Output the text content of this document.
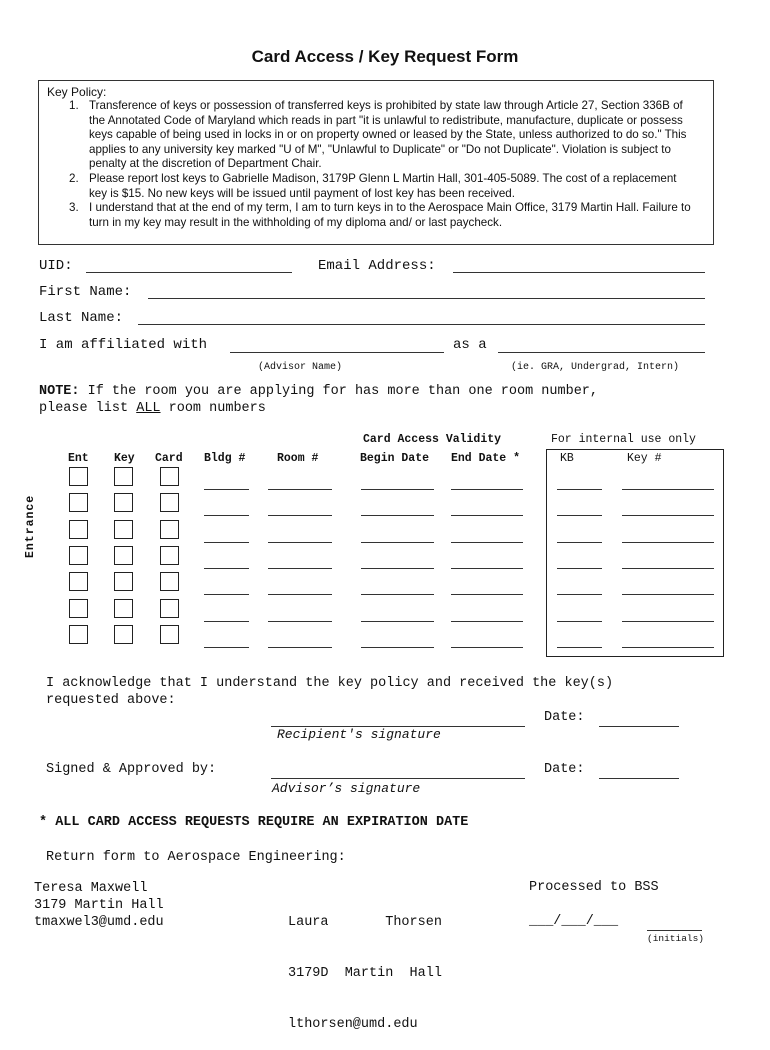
Card Access / Key Request Form
Key Policy:
1. Transference of keys or possession of transferred keys is prohibited by state law through Article 27, Section 336B of the Annotated Code of Maryland which reads in part "it is unlawful to redistribute, manufacture, duplicate or possess keys capable of being used in locks in or on property owned or leased by the State, unless authorized to do so." This applies to any university key marked "U of M", "Unlawful to Duplicate" or "Do not Duplicate". Violation is subject to penalty at the discretion of Department Chair.
2. Please report lost keys to Gabrielle Madison, 3179P Glenn L Martin Hall, 301-405-5089. The cost of a replacement key is $15. No new keys will be issued until payment of lost key has been received.
3. I understand that at the end of my term, I am to turn keys in to the Aerospace Main Office, 3179 Martin Hall. Failure to turn in my key may result in the withholding of my diploma and/ or last paycheck.
UID:	Email Address:
First Name:
Last Name:
I am affiliated with	as a
(Advisor Name)	(ie. GRA, Undergrad, Intern)
NOTE: If the room you are applying for has more than one room number,
please list ALL room numbers
Card Access Validity	For internal use only
Ent Key Card Bldg #	Room #	Begin Date End Date *	KB	Key #
Entrance
I acknowledge that I understand the key policy and received the key(s)
requested above:
Date:
Recipient's signature
Signed & Approved by:	Date:
Advisor’s signature
* ALL CARD ACCESS REQUESTS REQUIRE AN EXPIRATION DATE
Return form to Aerospace Engineering:
Teresa Maxwell
3179 Martin Hall
tmaxwel3@umd.edu

	Laura       Thorsen

3179D  Martin  Hall

lthorsen@umd.edu

Processed to BSS
___/___/___
(initials)
